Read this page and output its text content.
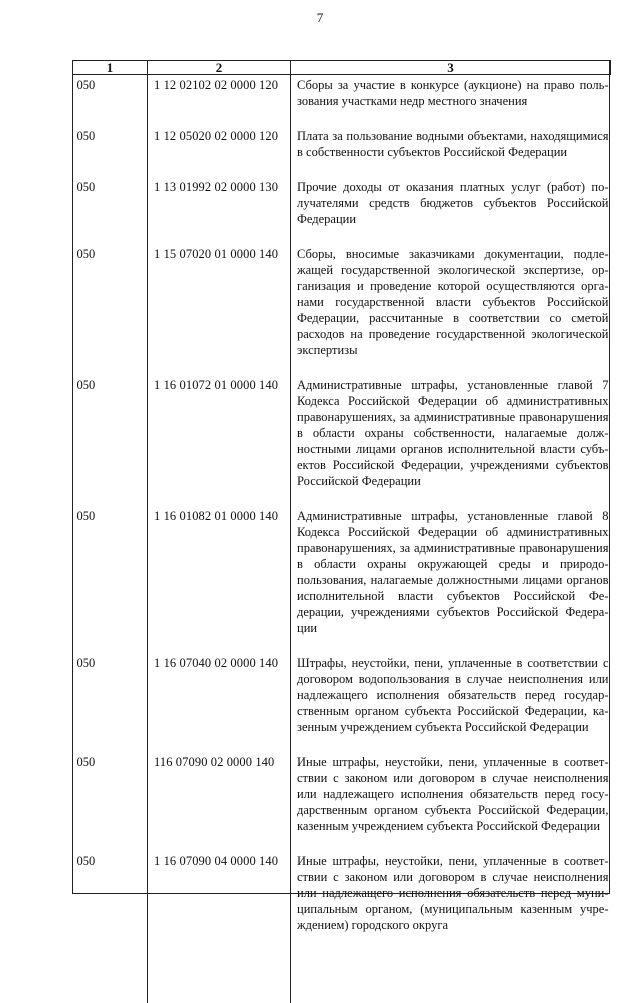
7
1	2	3
050	1 12 02102 02 0000 120	Сборы за участие в конкурсе (аукционе) на право пользования участками недр местного значения
050	1 12 05020 02 0000 120	Плата за пользование водными объектами, находящимися в собственности субъектов Российской Федерации
050	1 13 01992 02 0000 130	Прочие доходы от оказания платных услуг (работ) получателями средств бюджетов субъектов Российской Федерации
050	1 15 07020 01 0000 140	Сборы, вносимые заказчиками документации, подлежащей государственной экологической экспертизе, организация и проведение которой осуществляются органами государственной власти субъектов Российской Федерации, рассчитанные в соответствии со сметой расходов на проведение государственной экологической экспертизы
050	1 16 01072 01 0000 140	Административные штрафы, установленные главой 7 Кодекса Российской Федерации об административных правонарушениях, за административные правонарушения в области охраны собственности, налагаемые должностными лицами органов исполнительной власти субъектов Российской Федерации, учреждениями субъектов Российской Федерации
050	1 16 01082 01 0000 140	Административные штрафы, установленные главой 8 Кодекса Российской Федерации об административных правонарушениях, за административные правонарушения в области охраны окружающей среды и природопользования, налагаемые должностными лицами органов исполнительной власти субъектов Российской Федерации, учреждениями субъектов Российской Федерации
050	1 16 07040 02 0000 140	Штрафы, неустойки, пени, уплаченные в соответствии с договором водопользования в случае неисполнения или надлежащего исполнения обязательств перед государственным органом субъекта Российской Федерации, казенным учреждением субъекта Российской Федерации
050	116 07090 02 0000 140	Иные штрафы, неустойки, пени, уплаченные в соответствии с законом или договором в случае неисполнения или надлежащего исполнения обязательств перед государственным органом субъекта Российской Федерации, казенным учреждением субъекта Российской Федерации
050	1 16 07090 04 0000 140	Иные штрафы, неустойки, пени, уплаченные в соответствии с законом или договором в случае неисполнения или надлежащего исполнения обязательств перед муниципальным органом, (муниципальным казенным учреждением) городского округа
